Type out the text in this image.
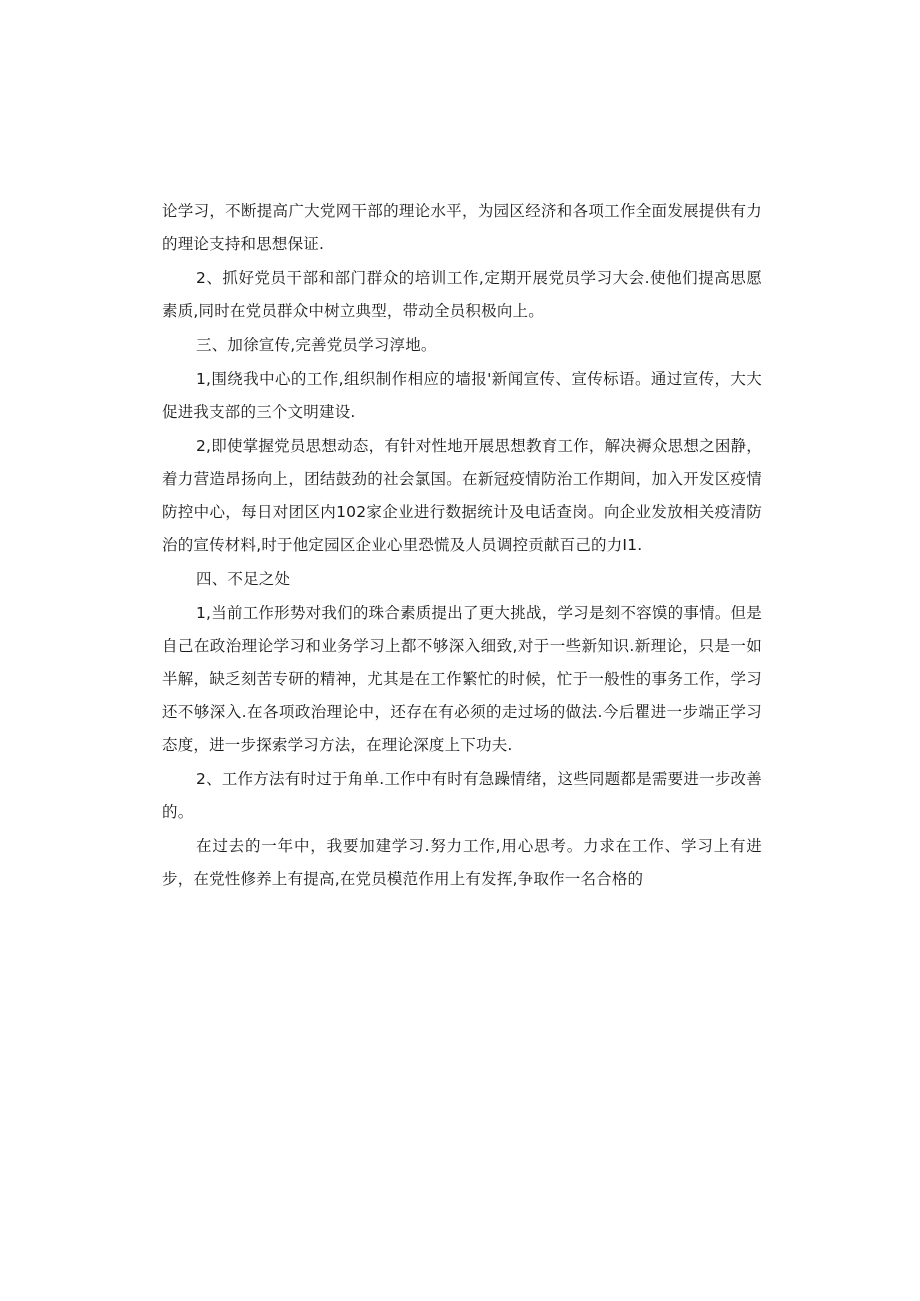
论学习，不断提高广大党网干部的理论水平，为园区经济和各项工作全面发展提供有力的理论支持和思想保证.

2、抓好党员干部和部门群众的培训工作,定期开展党员学习大会.使他们提高思愿素质,同时在党员群众中树立典型，带动全员积极向上。

三、加徐宣传,完善党员学习淳地。

1,围绕我中心的工作,组织制作相应的墙报'新闻宣传、宣传标语。通过宣传，大大促进我支部的三个文明建设.

2,即使掌握党员思想动态，有针对性地开展思想教育工作，解决褥众思想之困静，着力营造昂扬向上，团结鼓劲的社会氯国。在新冠疫情防治工作期间，加入开发区疫情防控中心，每日对团区内102家企业进行数据统计及电话查岗。向企业发放相关疫清防治的宣传材料,时于他定园区企业心里恐慌及人员调控贡献百己的力I1.

四、不足之处

1,当前工作形势对我们的珠合素质提出了更大挑战，学习是刻不容馍的事情。但是自己在政治理论学习和业务学习上都不够深入细致,对于一些新知识.新理论，只是一如半解，缺乏刻苦专研的精神，尤其是在工作繁忙的时候，忙于一般性的事务工作，学习还不够深入.在各项政治理论中，还存在有必须的走过场的做法.今后瞿进一步端正学习态度，进一步探索学习方法，在理论深度上下功夫.

2、工作方法有时过于角单.工作中有时有急躁情绪，这些同题都是需要进一步改善的。

在过去的一年中，我要加建学习.努力工作,用心思考。力求在工作、学习上有进步，在党性修养上有提高,在党员模范作用上有发挥,争取作一名合格的
